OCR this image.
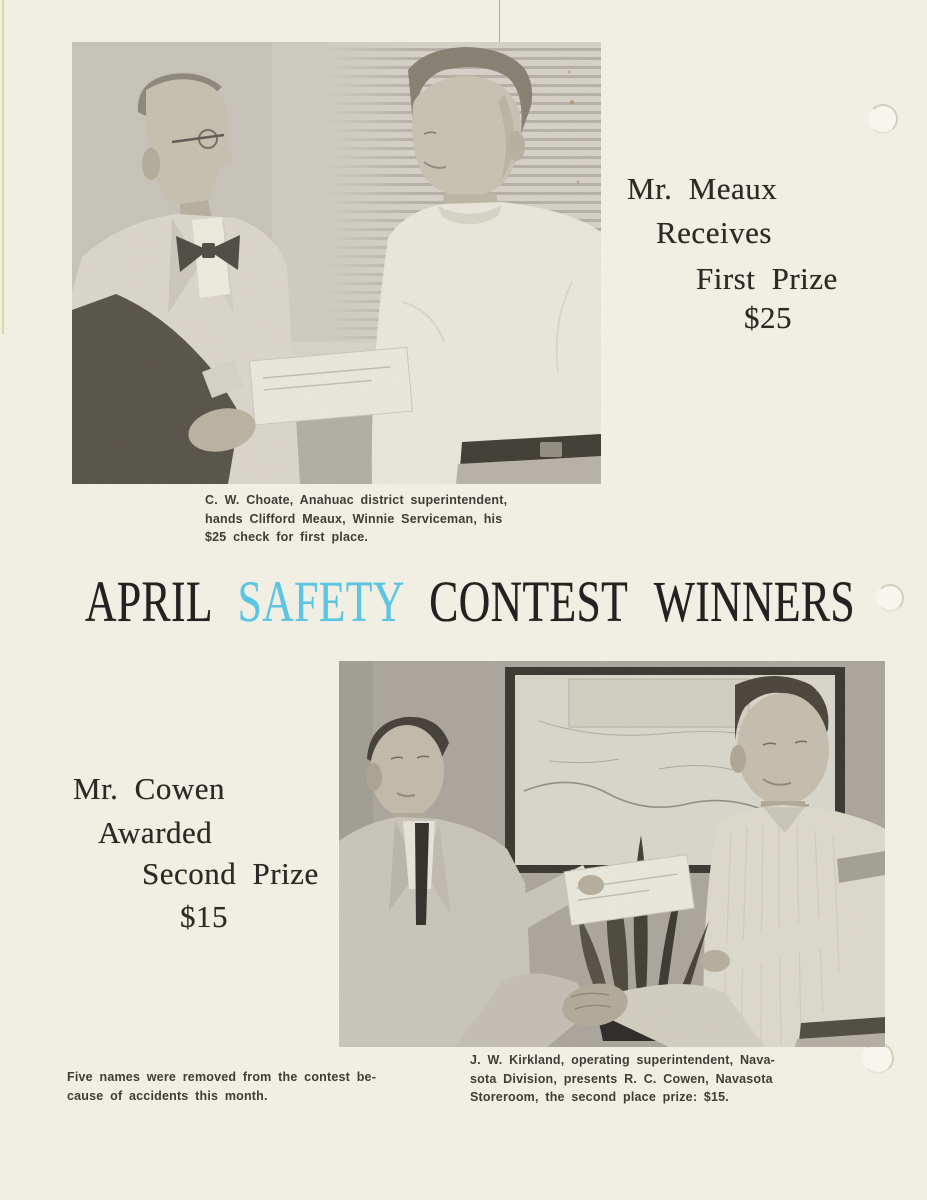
Mr. Meaux
Receives
First Prize
$25
C. W. Choate, Anahuac district superintendent,
hands Clifford Meaux, Winnie Serviceman, his
$25 check for first place.
APRIL SAFETY CONTEST WINNERS
Mr. Cowen
Awarded
Second Prize
$15
J. W. Kirkland, operating superintendent, Nava-
sota Division, presents R. C. Cowen, Navasota
Storeroom, the second place prize: $15.
Five names were removed from the contest be-
cause of accidents this month.
